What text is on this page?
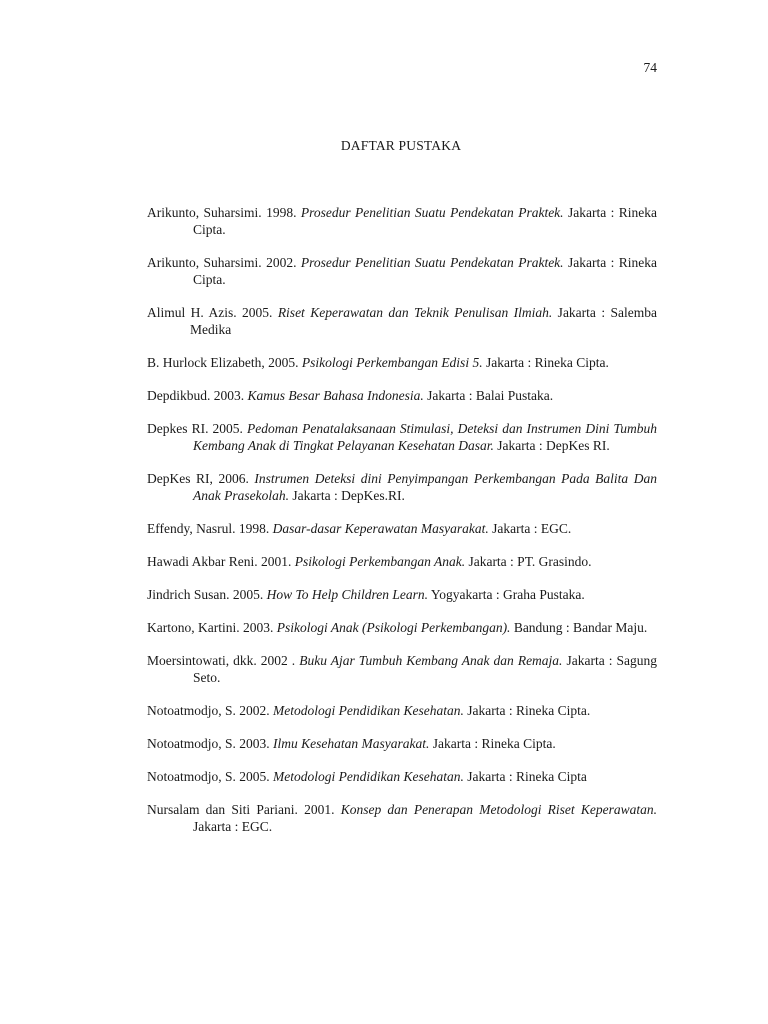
74
DAFTAR PUSTAKA

Arikunto, Suharsimi. 1998. Prosedur Penelitian Suatu Pendekatan Praktek. Jakarta : Rineka Cipta.

Arikunto, Suharsimi. 2002. Prosedur Penelitian Suatu Pendekatan Praktek. Jakarta : Rineka Cipta.

Alimul H. Azis. 2005. Riset Keperawatan dan Teknik Penulisan Ilmiah. Jakarta : Salemba Medika

B. Hurlock Elizabeth, 2005. Psikologi Perkembangan Edisi 5. Jakarta : Rineka Cipta.

Depdikbud. 2003. Kamus Besar Bahasa Indonesia. Jakarta : Balai Pustaka.

Depkes RI. 2005. Pedoman Penatalaksanaan Stimulasi, Deteksi dan Instrumen Dini Tumbuh Kembang Anak di Tingkat Pelayanan Kesehatan Dasar. Jakarta : DepKes RI.

DepKes RI, 2006. Instrumen Deteksi dini Penyimpangan Perkembangan Pada Balita Dan Anak Prasekolah. Jakarta : DepKes.RI.

Effendy, Nasrul. 1998. Dasar-dasar Keperawatan Masyarakat. Jakarta : EGC.

Hawadi Akbar Reni. 2001. Psikologi Perkembangan Anak. Jakarta : PT. Grasindo.

Jindrich Susan. 2005. How To Help Children Learn. Yogyakarta : Graha Pustaka.

Kartono, Kartini. 2003. Psikologi Anak (Psikologi Perkembangan). Bandung : Bandar Maju.

Moersintowati, dkk. 2002 . Buku Ajar Tumbuh Kembang Anak dan Remaja. Jakarta : Sagung Seto.

Notoatmodjo, S. 2002. Metodologi Pendidikan Kesehatan. Jakarta : Rineka Cipta.

Notoatmodjo, S. 2003. Ilmu Kesehatan Masyarakat. Jakarta : Rineka Cipta.

Notoatmodjo, S. 2005. Metodologi Pendidikan Kesehatan. Jakarta : Rineka Cipta

Nursalam dan Siti Pariani. 2001. Konsep dan Penerapan Metodologi Riset Keperawatan. Jakarta : EGC.
